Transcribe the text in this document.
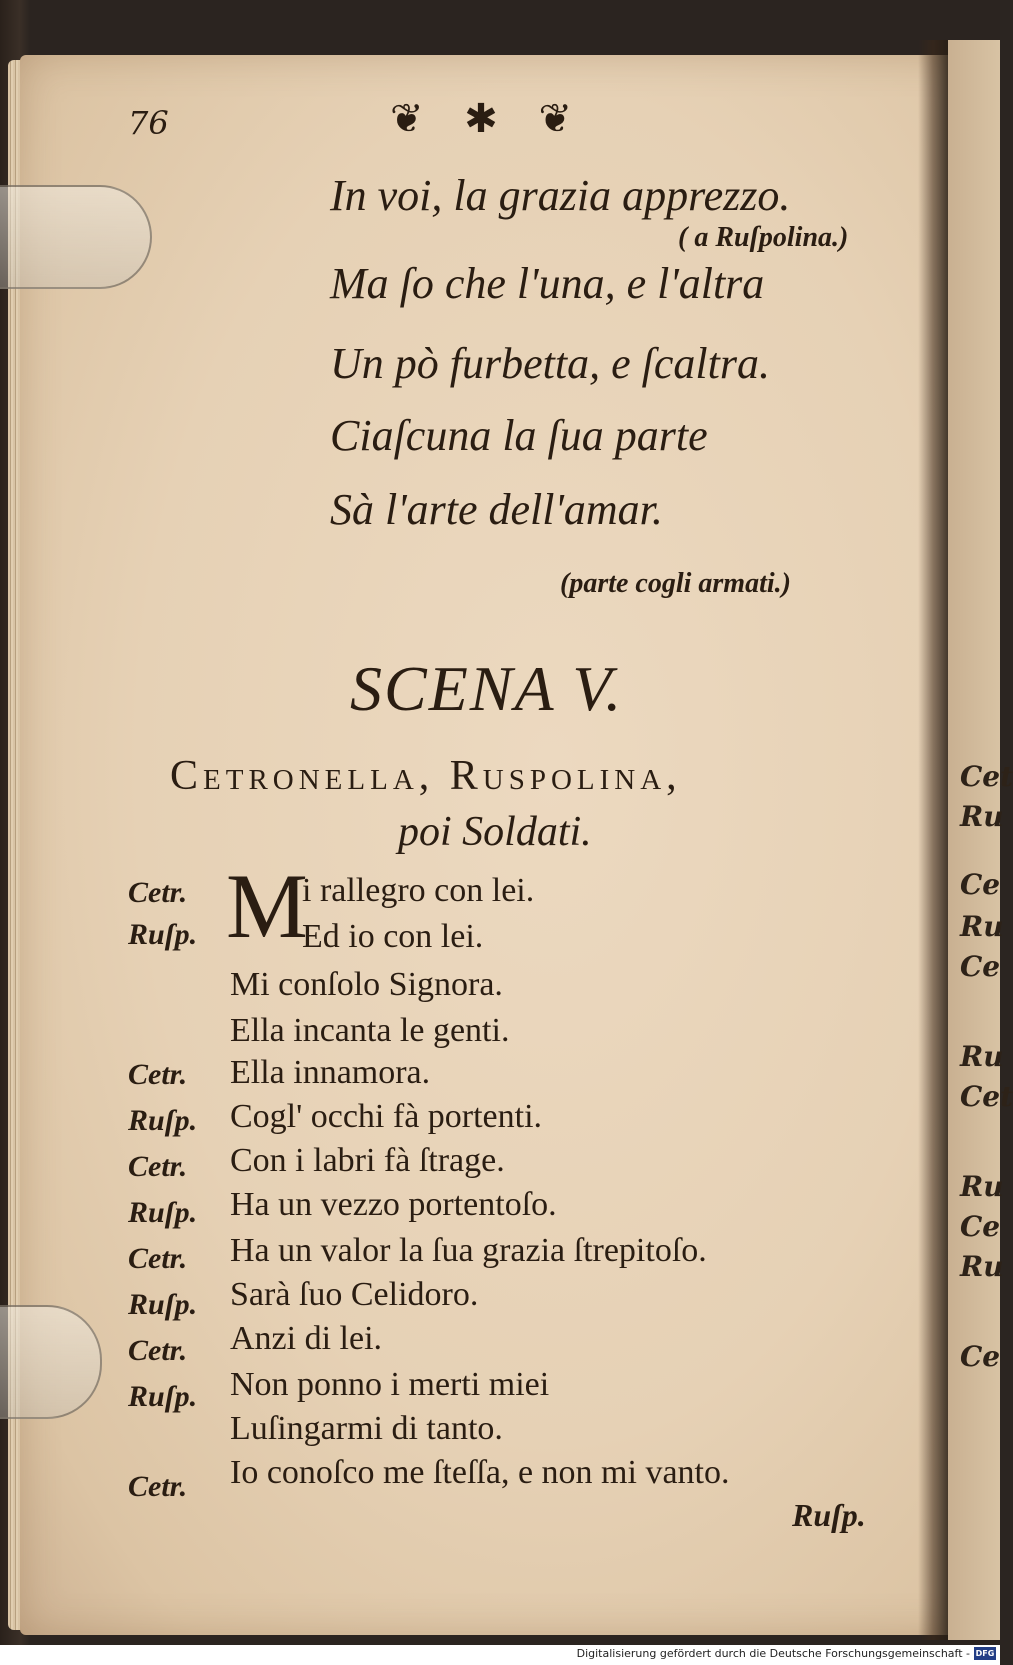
Cet
Ru
Ce
Ru
Ce
Ru
Cet
Ru
Ce
Ru
Ce
76	❦ ✱ ❦
In voi, la grazia apprezzo.
( a Ruſpolina.)
Ma ſo che l'una, e l'altra
Un pò furbetta, e ſcaltra.
Ciaſcuna la ſua parte
Sà l'arte dell'amar.
(parte cogli armati.)
SCENA V.
Cetronella, Ruspolina,
poi Soldati.
M
Cetr.	i rallegro con lei.
Ruſp.	Ed io con lei.
Mi conſolo Signora.
Ella incanta le genti.
Cetr. Ella innamora.
Ruſp. Cogl' occhi fà portenti.
Cetr. Con i labri fà ſtrage.
Ruſp. Ha un vezzo portentoſo.
Cetr. Ha un valor la ſua grazia ſtrepitoſo.
Ruſp. Sarà ſuo Celidoro.
Cetr. Anzi di lei.
Ruſp. Non ponno i merti miei
Luſingarmi di tanto.
Cetr. Io conoſco me ſteſſa, e non mi vanto.
Ruſp.
Digitalisierung gefördert durch die Deutsche Forschungsgemeinschaft - DFG
